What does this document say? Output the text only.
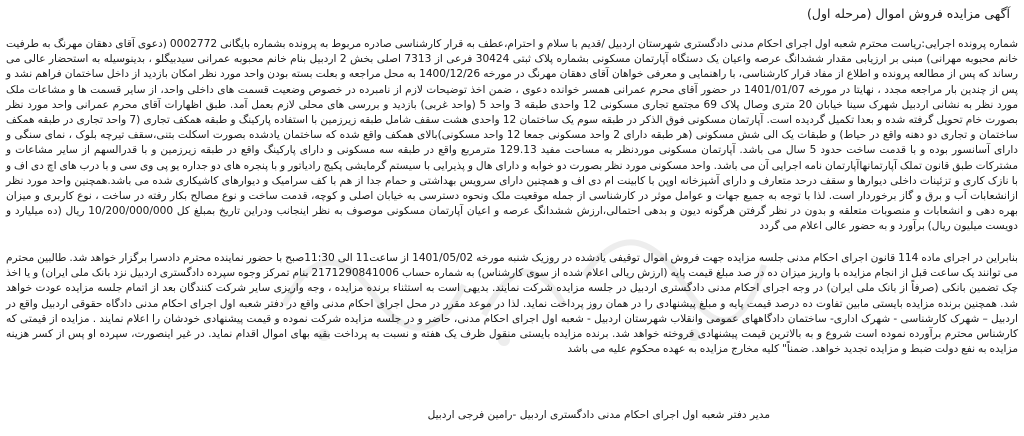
آگهی مزایده فروش اموال (مرحله اول)

شماره پرونده اجرایی:ریاست محترم شعبه اول اجرای احکام مدنی دادگستری شهرستان اردبیل /قدیم با سلام و احترام،عطف به قرار کارشناسی صادره مربوط به پرونده بشماره بایگانی 0002772 (دعوی آقای دهقان مهرنگ به طرفیت خانم محبوبه مهرانی) مبنی بر ارزیابی مقدار ششدانگ عرصه واعیان یک دستگاه آپارتمان مسکونی بشماره پلاک ثبتی 30424 فرعی از 7313 اصلی بخش 2 اردبیل بنام خانم محبوبه عمرانی سیدبیگلو ، بدینوسیله به استحضار عالی می رساند که پس از مطالعه پرونده و اطلاع از مفاد قرار کارشناسی، با راهنمایی و معرفی خواهان آقای دهقان مهرنگ در مورخه 1400/12/26 به محل مراجعه و بعلت بسته بودن واحد مورد نظر امکان بازدید از داخل ساختمان فراهم نشد و پس از چندین بار مراجعه مجدد ، نهایتا در مورخه 1401/01/07 در حضور آقای محرم عمرانی همسر خوانده دعوی ، ضمن اخذ توضیحات لازم از نامبرده در خصوص وضعیت قسمت های داخلی واحد، از سایر قسمت ها و مشاعات ملک مورد نظر به نشانی اردبیل شهرک سینا خیابان 20 متری وصال پلاک 69 مجتمع تجاری مسکونی 12 واحدی طبقه 3 واحد 5 (واحد غربی) بازدید و بررسی های محلی لازم بعمل آمد. طبق اظهارات آقای محرم عمرانی واحد مورد نظر بصورت خام تحویل گرفته شده و بعدا تکمیل گردیده است. آپارتمان مسکونی فوق الذکر در طبقه سوم یک ساختمان 12 واحدی هشت سقف شامل طبقه زیرزمین با استفاده پارکینگ و طبقه همکف تجاری (7 واحد تجاری در طبقه همکف ساختمان و تجاری دو دهنه واقع در حیاط) و طبقات یک الی شش مسکونی (هر طبقه دارای 2 واحد مسکونی جمعا 12 واحد مسکونی)بالای همکف واقع شده که ساختمان یادشده بصورت اسکلت بتنی،سقف تیرچه بلوک ، نمای سنگی و دارای آسانسور بوده و با قدمت ساخت حدود 5 سال می باشد. آپارتمان مسکونی موردنظر به مساحت مفید 129.13 مترمربع واقع در طبقه سه مسکونی و دارای پارکینگ واقع در طبقه زیرزمین و با قدرالسهم از سایر مشاعات و مشترکات طبق قانون تملک آپارتمانهاآپارتمان نامه اجرایی آن می باشد. واحد مسکونی مورد نظر بصورت دو خوابه و دارای هال و پذیرایی با سیستم گرمایشی پکیج رادیاتور و با پنجره های دو جداره یو پی وی سی و با درب های اچ دی اف و با نازک کاری و تزئینات داخلی دیوارها و سقف درحد متعارف و دارای آشپزخانه اوپن با کابینت ام دی اف و همچنین دارای سرویس بهداشتی و حمام جدا از هم با کف سرامیک و دیوارهای کاشیکاری شده می باشد.همچنین واحد مورد نظر ازانشعابات آب و برق و گاز برخوردار است. لذا با توجه به جمیع جهات و عوامل موثر در کارشناسی از جمله موقعیت ملک ونحوه دسترسی به خیابان اصلی و کوچه، قدمت ساخت و نوع مصالح بکار رفته در ساخت ، نوع کاربری و میزان بهره دهی و انشعابات و منصوبات متعلقه و بدون در نظر گرفتن هرگونه دیون و بدهی احتمالی،ارزش ششدانگ عرصه و اعیان آپارتمان مسکونی موصوف به نظر اینجانب ودراین تاریخ بمبلغ کل 10/200/000/000 ریال (ده میلیارد و دویست میلیون ریال) برآورد و به حضور عالی اعلام می گردد

بنابراین در اجرای ماده 114 قانون اجرای احکام مدنی جلسه مزایده جهت فروش اموال توقیفی یادشده در روزیک شنبه مورخه 1401/05/02 از ساعت11 الی 11:30صبح با حضور نماینده محترم دادسرا برگزار خواهد شد. طالبین محترم می توانند یک ساعت قبل از انجام مزایده با واریز میزان ده در صد مبلغ قیمت پایه (ارزش ریالی اعلام شده از سوی کارشناس) به شماره حساب 2171290841006 بنام تمرکز وجوه سپرده دادگستری اردبیل نزد بانک ملی ایران) و یا اخذ چک تضمین بانکی (صرفاً از بانک ملی ایران) در وجه اجرای احکام مدنی دادگستری اردبیل در جلسه مزایده شرکت نمایند. بدیهی است به استثناء برنده مزایده ، وجه واریزی سایر شرکت کنندگان بعد از اتمام جلسه مزایده عودت خواهد شد. همچنین برنده مزایده بایستی مابین تفاوت ده درصد قیمت پایه و مبلغ پیشنهادی را در همان روز پرداخت نماید. لذا در موعد مقرر در محل اجرای احکام مدنی واقع در دفتر شعبه اول اجرای احکام مدنی دادگاه حقوقی اردبیل واقع در اردبیل – شهرک کارشناسی - شهرک اداری- ساختمان دادگاههای عمومی وانقلاب شهرستان اردبیل - شعبه اول اجرای احکام مدنی، حاضر و در جلسه مزایده شرکت نموده و قیمت پیشنهادی خودشان را اعلام نمایند . مزایده از قیمتی که کارشناس محترم برآورده نموده است شروع و به بالاترین قیمت پیشنهادی فروخته خواهد شد. برنده مزایده بایستی منقول ظرف یک هفته و نسبت به پرداخت بقیه بهای اموال اقدام نماید. در غیر اینصورت، سپرده او پس از کسر هزینه مزایده به نفع دولت ضبط و مزایده تجدید خواهد. ضمناً" کلیه مخارج مزایده به عهده محکوم علیه می باشد

مدیر دفتر شعبه اول اجرای احکام مدنی دادگستری اردبیل -رامین فرجی اردبیل
